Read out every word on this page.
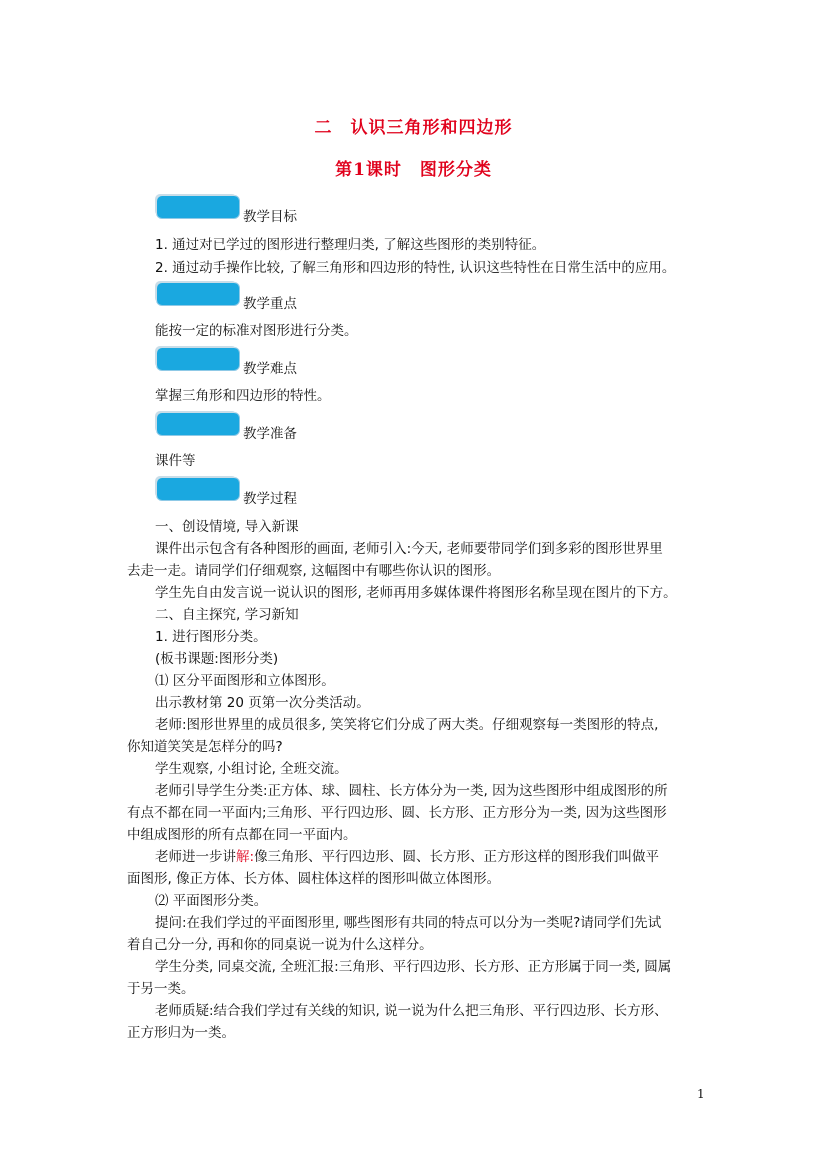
二　认识三角形和四边形
第1课时　图形分类
教学目标
1. 通过对已学过的图形进行整理归类, 了解这些图形的类别特征。
2. 通过动手操作比较, 了解三角形和四边形的特性, 认识这些特性在日常生活中的应用。
教学重点
能按一定的标准对图形进行分类。
教学难点
掌握三角形和四边形的特性。
教学准备
课件等
教学过程
一、创设情境, 导入新课
课件出示包含有各种图形的画面, 老师引入:今天, 老师要带同学们到多彩的图形世界里
去走一走。请同学们仔细观察, 这幅图中有哪些你认识的图形。
学生先自由发言说一说认识的图形, 老师再用多媒体课件将图形名称呈现在图片的下方。
二、自主探究, 学习新知
1. 进行图形分类。
(板书课题:图形分类)
⑴ 区分平面图形和立体图形。
出示教材第 20 页第一次分类活动。
老师:图形世界里的成员很多, 笑笑将它们分成了两大类。仔细观察每一类图形的特点,
你知道笑笑是怎样分的吗?
学生观察, 小组讨论, 全班交流。
老师引导学生分类:正方体、球、圆柱、长方体分为一类, 因为这些图形中组成图形的所
有点不都在同一平面内;三角形、平行四边形、圆、长方形、正方形分为一类, 因为这些图形
中组成图形的所有点都在同一平面内。
老师进一步讲解:像三角形、平行四边形、圆、长方形、正方形这样的图形我们叫做平
面图形, 像正方体、长方体、圆柱体这样的图形叫做立体图形。
⑵ 平面图形分类。
提问:在我们学过的平面图形里, 哪些图形有共同的特点可以分为一类呢?请同学们先试
着自己分一分, 再和你的同桌说一说为什么这样分。
学生分类, 同桌交流, 全班汇报:三角形、平行四边形、长方形、正方形属于同一类, 圆属
于另一类。
老师质疑:结合我们学过有关线的知识, 说一说为什么把三角形、平行四边形、长方形、
正方形归为一类。
1
